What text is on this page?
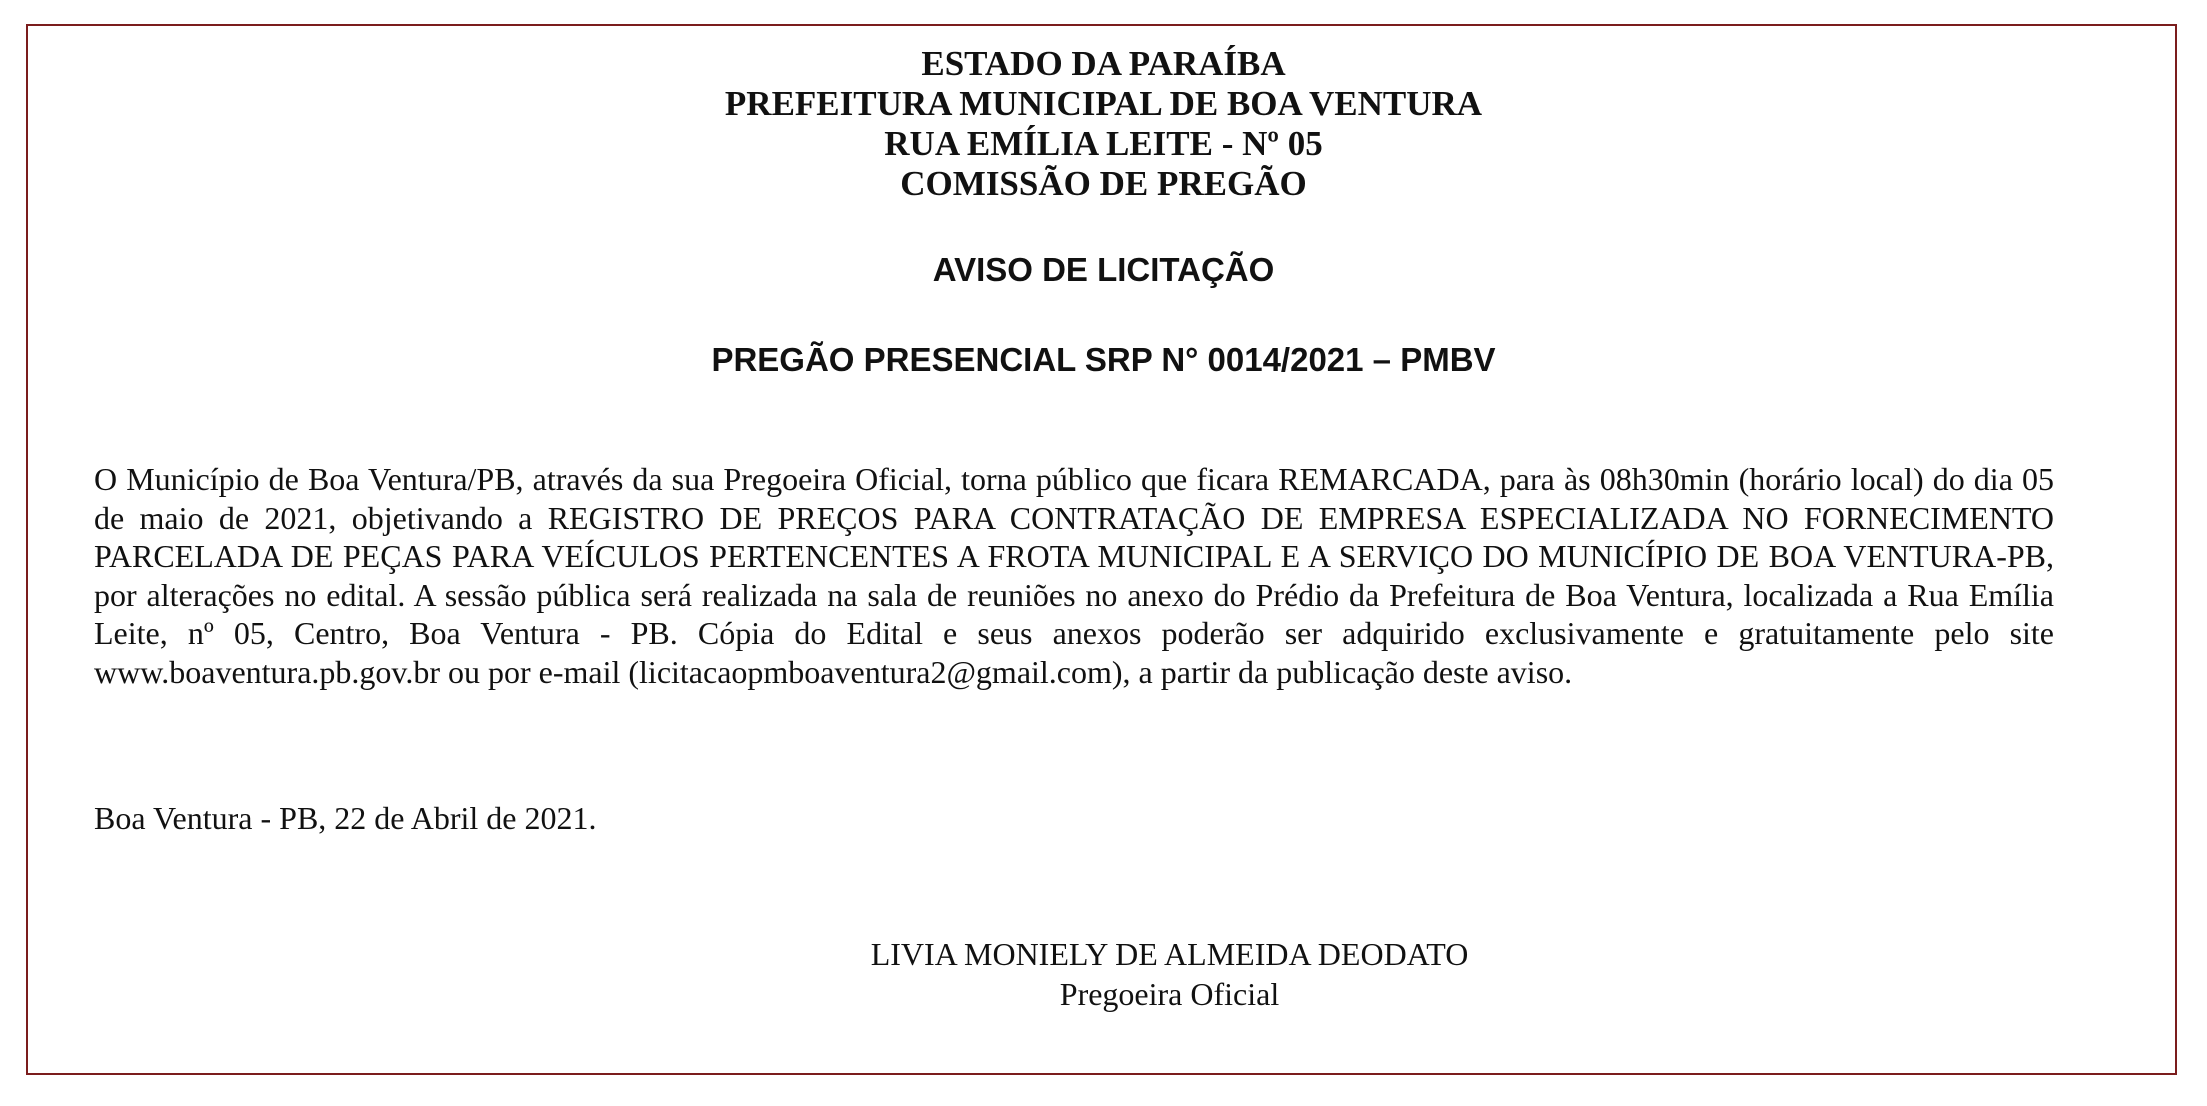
ESTADO DA PARAÍBA
PREFEITURA MUNICIPAL DE BOA VENTURA
RUA EMÍLIA LEITE - Nº 05
COMISSÃO DE PREGÃO
AVISO DE LICITAÇÃO
PREGÃO PRESENCIAL SRP N° 0014/2021 – PMBV
O Município de Boa Ventura/PB, através da sua Pregoeira Oficial, torna público que ficara REMARCADA, para às 08h30min (horário local) do dia 05 de maio de 2021, objetivando a REGISTRO DE PREÇOS PARA CONTRATAÇÃO DE EMPRESA ESPECIALIZADA NO FORNECIMENTO PARCELADA DE PEÇAS PARA VEÍCULOS PERTENCENTES A FROTA MUNICIPAL E A SERVIÇO DO MUNICÍPIO DE BOA VENTURA-PB, por alterações no edital. A sessão pública será realizada na sala de reuniões no anexo do Prédio da Prefeitura de Boa Ventura, localizada a Rua Emília Leite, nº 05, Centro, Boa Ventura - PB. Cópia do Edital e seus anexos poderão ser adquirido exclusivamente e gratuitamente pelo site www.boaventura.pb.gov.br ou por e-mail (licitacaopmboaventura2@gmail.com), a partir da publicação deste aviso.
Boa Ventura - PB, 22 de Abril de 2021.
LIVIA MONIELY DE ALMEIDA DEODATO
Pregoeira Oficial
